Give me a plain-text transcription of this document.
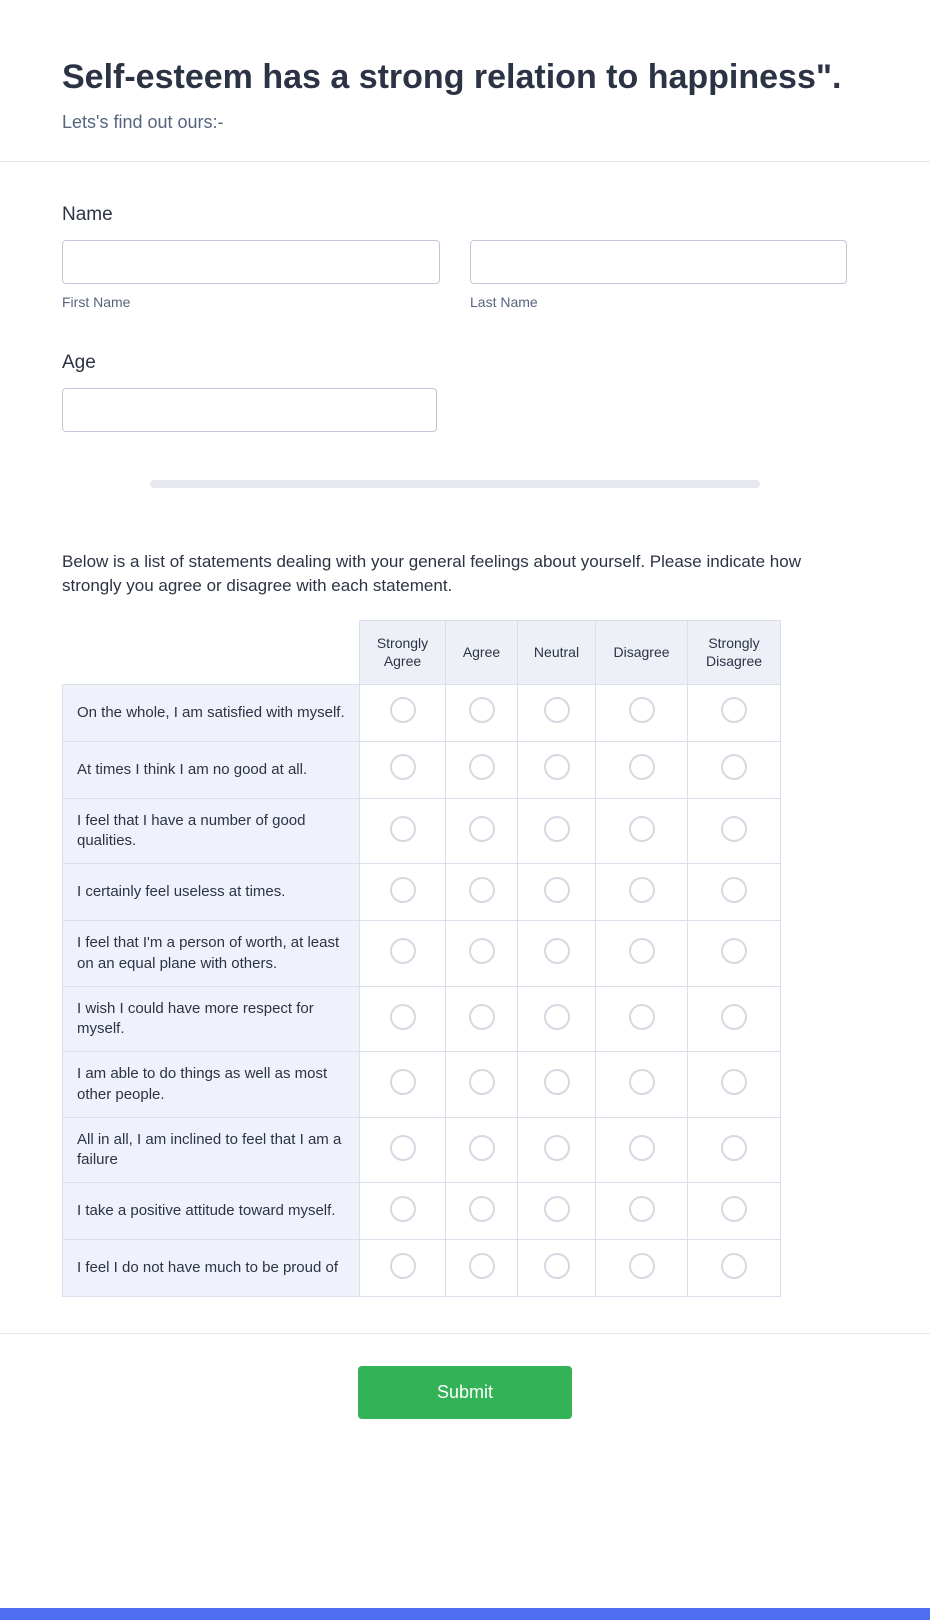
Self-esteem has a strong relation to happiness".
Lets's find out ours:-
Name
First Name	Last Name
Age
Below is a list of statements dealing with your general feelings about yourself. Please indicate how strongly you agree or disagree with each statement.
	Strongly Agree	Agree	Neutral	Disagree	Strongly Disagree
On the whole, I am satisfied with myself.					
At times I think I am no good at all.					
I feel that I have a number of good qualities.					
I certainly feel useless at times.					
I feel that I'm a person of worth, at least on an equal plane with others.					
I wish I could have more respect for myself.					
I am able to do things as well as most other people.					
All in all, I am inclined to feel that I am a failure					
I take a positive attitude toward myself.					
I feel I do not have much to be proud of					
Submit
